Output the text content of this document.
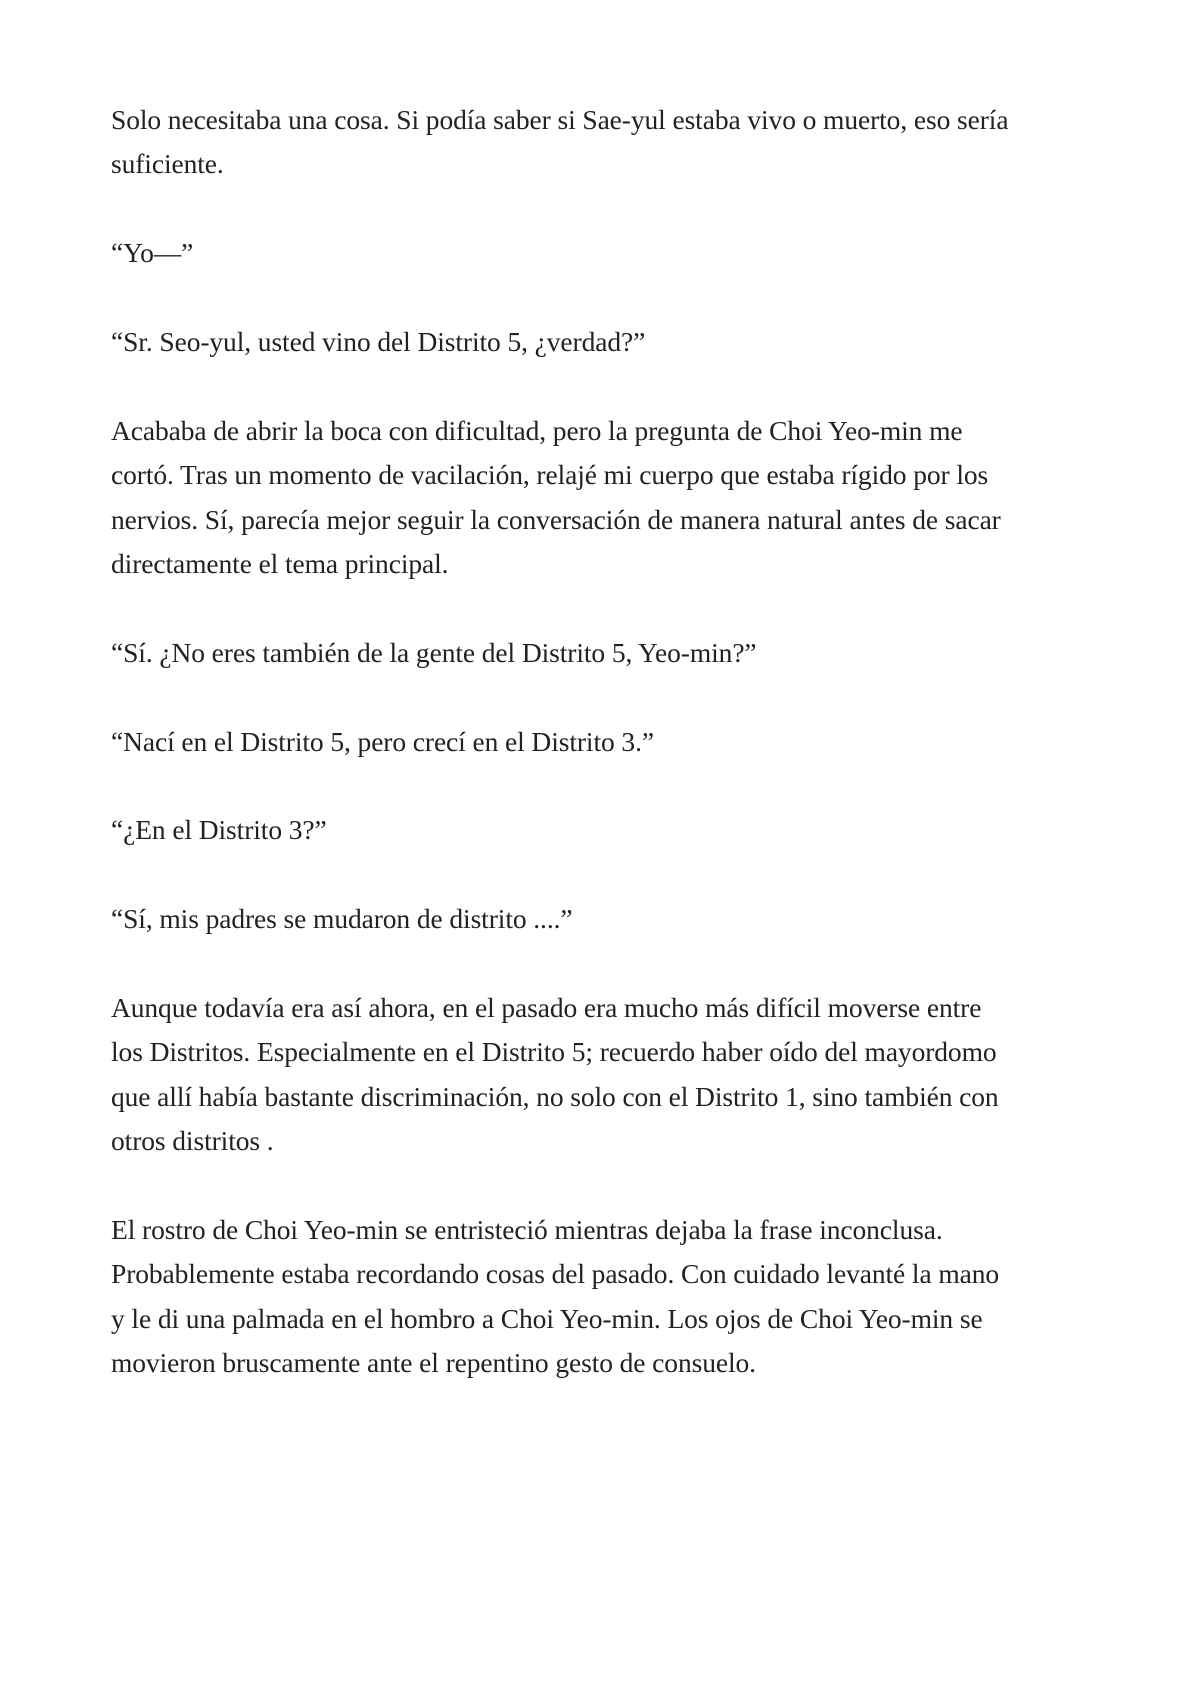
Solo necesitaba una cosa. Si podía saber si Sae-yul estaba vivo o muerto, eso sería suficiente.

“Yo—”

“Sr. Seo-yul, usted vino del Distrito 5, ¿verdad?”

Acababa de abrir la boca con dificultad, pero la pregunta de Choi Yeo-min me cortó. Tras un momento de vacilación, relajé mi cuerpo que estaba rígido por los nervios. Sí, parecía mejor seguir la conversación de manera natural antes de sacar directamente el tema principal.

“Sí. ¿No eres también de la gente del Distrito 5, Yeo-min?”

“Nací en el Distrito 5, pero crecí en el Distrito 3.”

“¿En el Distrito 3?”

“Sí, mis padres se mudaron de distrito ....”

Aunque todavía era así ahora, en el pasado era mucho más difícil moverse entre los Distritos. Especialmente en el Distrito 5; recuerdo haber oído del mayordomo que allí había bastante discriminación, no solo con el Distrito 1, sino también con otros distritos .

El rostro de Choi Yeo-min se entristeció mientras dejaba la frase inconclusa. Probablemente estaba recordando cosas del pasado. Con cuidado levanté la mano y le di una palmada en el hombro a Choi Yeo-min. Los ojos de Choi Yeo-min se movieron bruscamente ante el repentino gesto de consuelo.
